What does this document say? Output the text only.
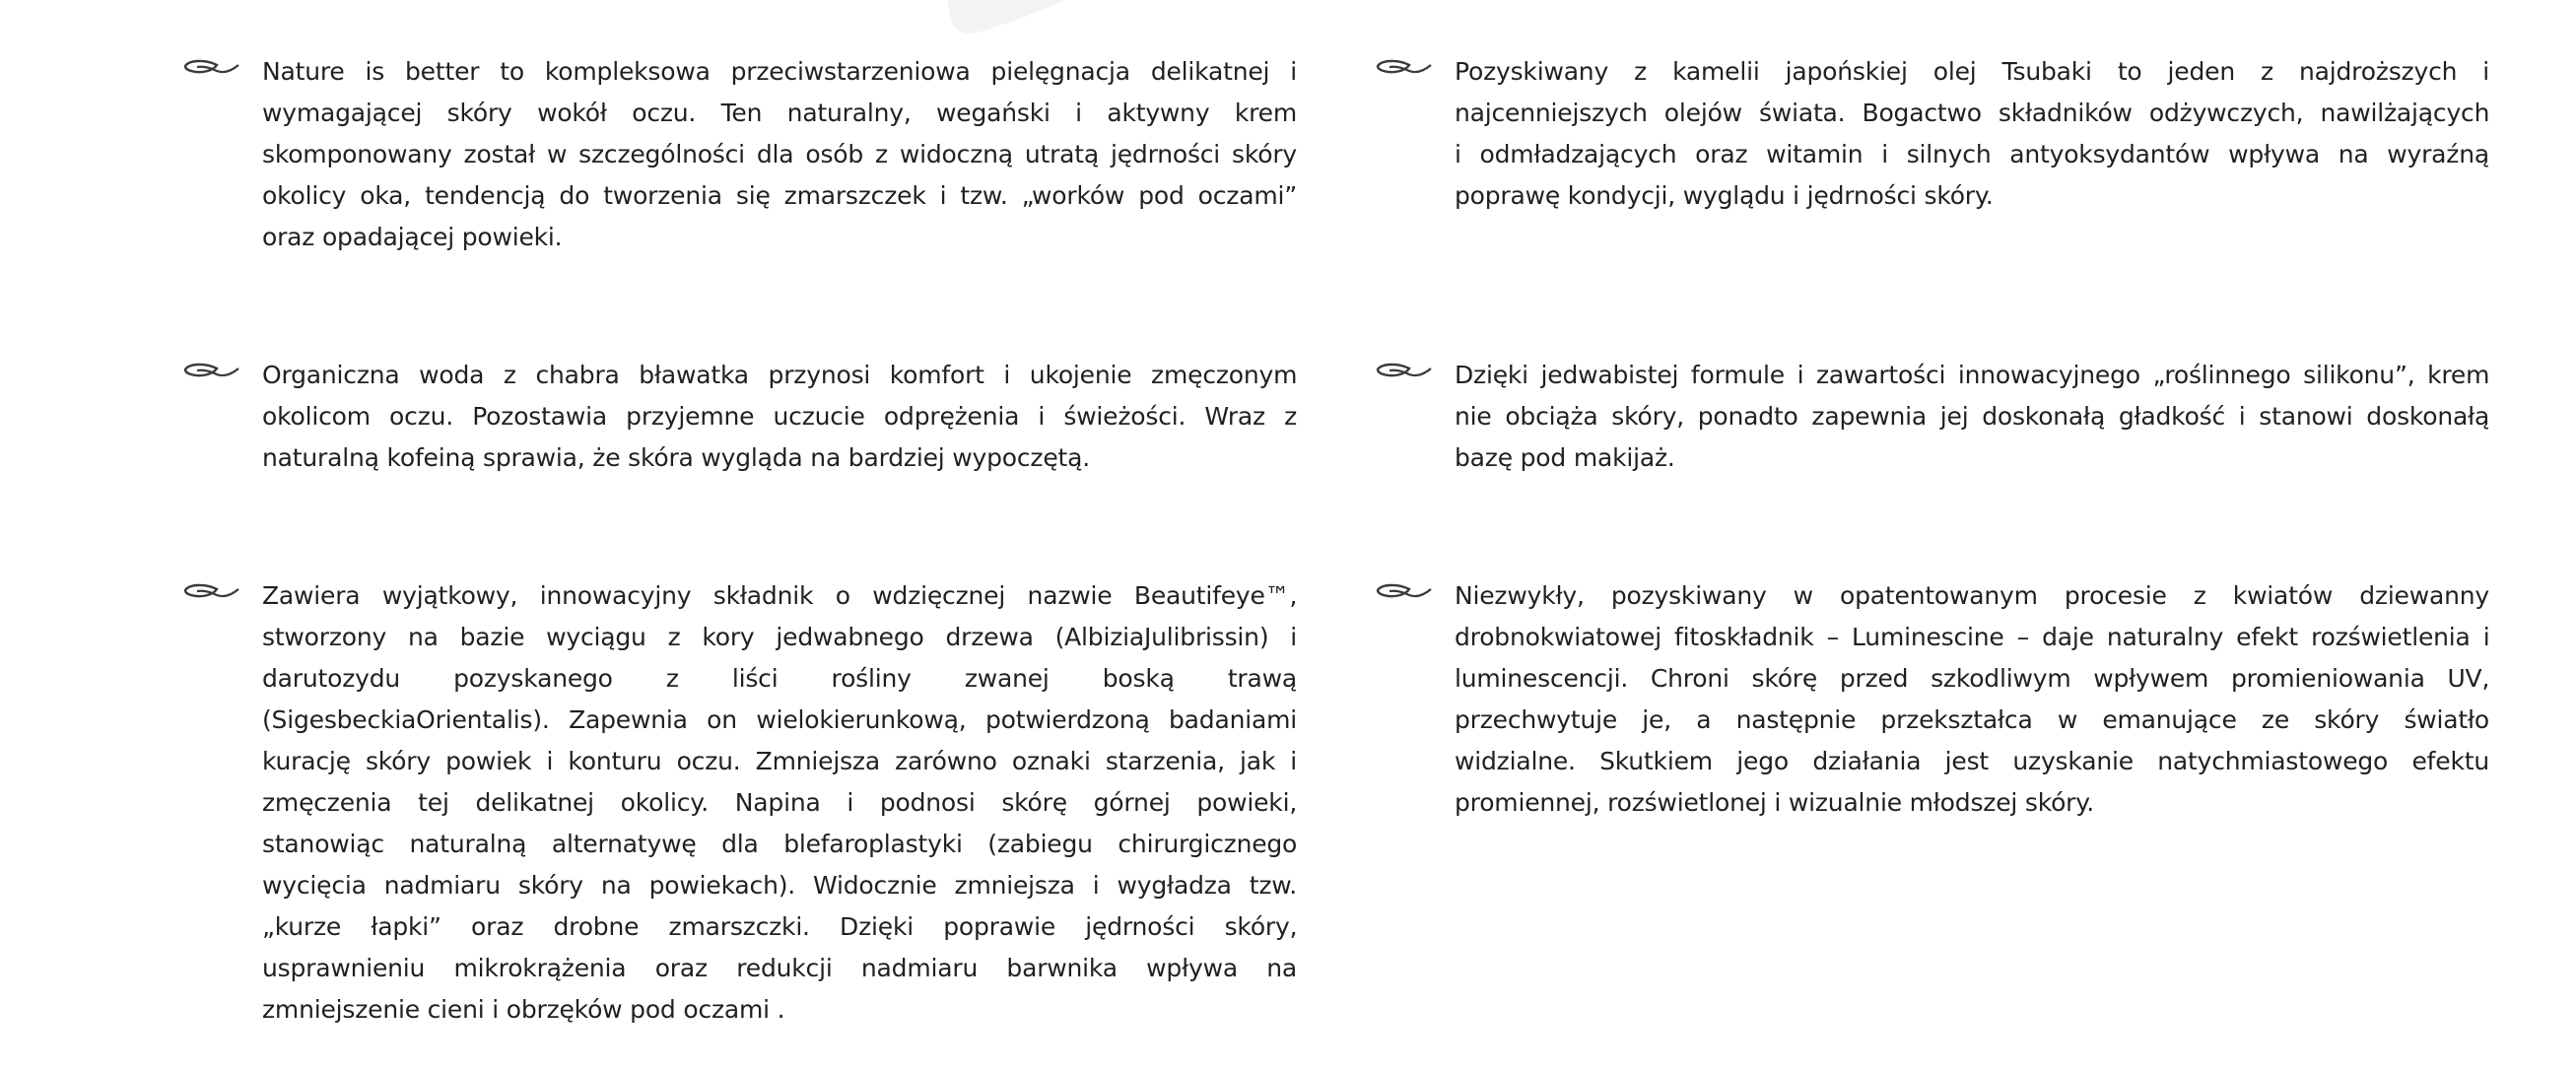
Nature is better to kompleksowa przeciwstarzeniowa pielęgnacja delikatnej i
wymagającej skóry wokół oczu. Ten naturalny, wegański i aktywny krem
skomponowany został w szczególności dla osób z widoczną utratą jędrności skóry
okolicy oka, tendencją do tworzenia się zmarszczek i tzw. „worków pod oczami”
oraz opadającej powieki.
Organiczna woda z chabra bławatka przynosi komfort i ukojenie zmęczonym
okolicom oczu. Pozostawia przyjemne uczucie odprężenia i świeżości. Wraz z
naturalną kofeiną sprawia, że skóra wygląda na bardziej wypoczętą.
Zawiera wyjątkowy, innowacyjny składnik o wdzięcznej nazwie Beautifeye™,
stworzony na bazie wyciągu z kory jedwabnego drzewa (AlbiziaJulibrissin) i
darutozydu pozyskanego z liści rośliny zwanej boską trawą
(SigesbeckiaOrientalis). Zapewnia on wielokierunkową, potwierdzoną badaniami
kurację skóry powiek i konturu oczu. Zmniejsza zarówno oznaki starzenia, jak i
zmęczenia tej delikatnej okolicy. Napina i podnosi skórę górnej powieki,
stanowiąc naturalną alternatywę dla blefaroplastyki (zabiegu chirurgicznego
wycięcia nadmiaru skóry na powiekach). Widocznie zmniejsza i wygładza tzw.
„kurze łapki” oraz drobne zmarszczki. Dzięki poprawie jędrności skóry,
usprawnieniu mikrokrążenia oraz redukcji nadmiaru barwnika wpływa na
zmniejszenie cieni i obrzęków pod oczami .
Pozyskiwany z kamelii japońskiej olej Tsubaki to jeden z najdroższych i
najcenniejszych olejów świata. Bogactwo składników odżywczych, nawilżających
i odmładzających oraz witamin i silnych antyoksydantów wpływa na wyraźną
poprawę kondycji, wyglądu i jędrności skóry.
Dzięki jedwabistej formule i zawartości innowacyjnego „roślinnego silikonu”, krem
nie obciąża skóry, ponadto zapewnia jej doskonałą gładkość i stanowi doskonałą
bazę pod makijaż.
Niezwykły, pozyskiwany w opatentowanym procesie z kwiatów dziewanny
drobnokwiatowej fitoskładnik – Luminescine – daje naturalny efekt rozświetlenia i
luminescencji. Chroni skórę przed szkodliwym wpływem promieniowania UV,
przechwytuje je, a następnie przekształca w emanujące ze skóry światło
widzialne. Skutkiem jego działania jest uzyskanie natychmiastowego efektu
promiennej, rozświetlonej i wizualnie młodszej skóry.
